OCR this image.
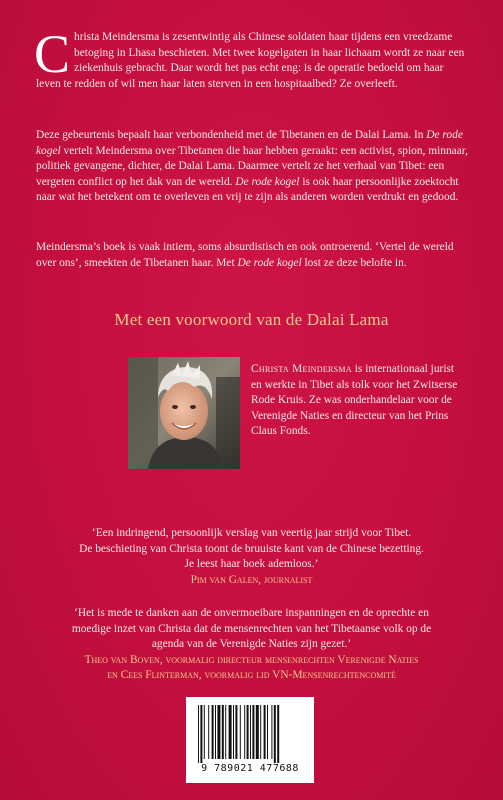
Christa Meindersma is zesentwintig als Chinese soldaten haar tijdens een vreedzame betoging in Lhasa beschieten. Met twee kogelgaten in haar lichaam wordt ze naar een ziekenhuis gebracht. Daar wordt het pas echt eng: is de operatie bedoeld om haar leven te redden of wil men haar laten sterven in een hospitaalbed? Ze overleeft.

Deze gebeurtenis bepaalt haar verbondenheid met de Tibetanen en de Dalai Lama. In De rode kogel vertelt Meindersma over Tibetanen die haar hebben geraakt: een activist, spion, minnaar, politiek gevangene, dichter, de Dalai Lama. Daarmee vertelt ze het verhaal van Tibet: een vergeten conflict op het dak van de wereld. De rode kogel is ook haar persoonlijke zoektocht naar wat het betekent om te overleven en vrij te zijn als anderen worden verdrukt en gedood.

Meindersma’s boek is vaak intiem, soms absurdistisch en ook ontroerend. ‘Vertel de wereld over ons’, smeekten de Tibetanen haar. Met De rode kogel lost ze deze belofte in.

Met een voorwoord van de Dalai Lama
Christa Meindersma is internationaal jurist en werkte in Tibet als tolk voor het Zwitserse Rode Kruis. Ze was onderhandelaar voor de Verenigde Naties en directeur van het Prins Claus Fonds.
‘Een indringend, persoonlijk verslag van veertig jaar strijd voor Tibet.
De beschieting van Christa toont de bruuiste kant van de Chinese bezetting.
Je leest haar boek ademloos.’
Pim van Galen, journalist
‘Het is mede te danken aan de onvermoeibare inspanningen en de oprechte en
moedige inzet van Christa dat de mensenrechten van het Tibetaanse volk op de
agenda van de Verenigde Naties zijn gezet.’
Theo van Boven, voormalig directeur mensenrechten Verenigde Naties
en Cees Flinterman, voormalig lid VN-Mensenrechtencomité
9 789021 477688
